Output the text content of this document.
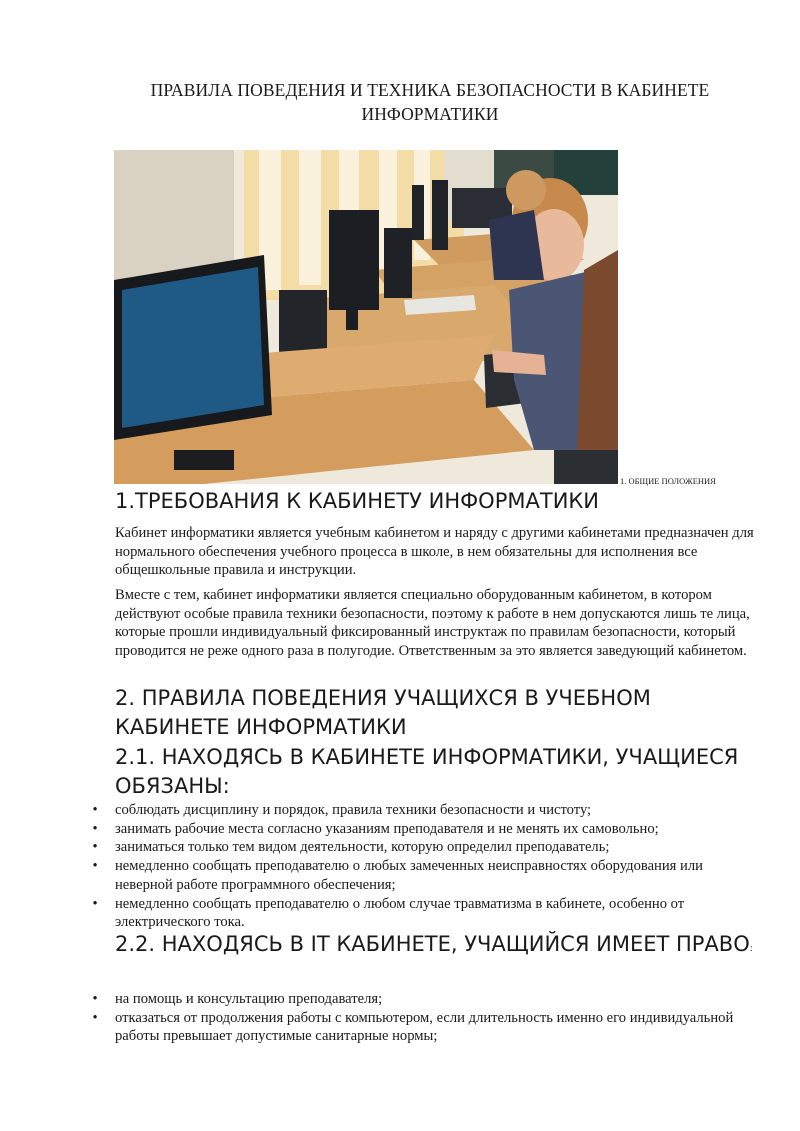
ПРАВИЛА ПОВЕДЕНИЯ И ТЕХНИКА БЕЗОПАСНОСТИ В КАБИНЕТЕ ИНФОРМАТИКИ
1. ОБЩИЕ ПОЛОЖЕНИЯ
1.ТРЕБОВАНИЯ К КАБИНЕТУ ИНФОРМАТИКИ

Кабинет информатики является учебным кабинетом и наряду с другими кабинетами предназначен для нормального обеспечения учебного процесса в школе, в нем обязательны для исполнения все общешкольные правила и инструкции.

Вместе с тем, кабинет информатики является специально оборудованным кабинетом, в котором действуют особые правила техники безопасности, поэтому к работе в нем допускаются лишь те лица, которые прошли индивидуальный фиксированный инструктаж по правилам безопасности, который проводится не реже одного раза в полугодие. Ответственным за это является заведующий кабинетом.

2. ПРАВИЛА ПОВЕДЕНИЯ УЧАЩИХСЯ В УЧЕБНОМ КАБИНЕТЕ ИНФОРМАТИКИ
2.1. НАХОДЯСЬ В КАБИНЕТЕ ИНФОРМАТИКИ, УЧАЩИЕСЯ ОБЯЗАНЫ:
• соблюдать дисциплину и порядок, правила техники безопасности и чистоту;
• занимать рабочие места согласно указаниям преподавателя и не менять их самовольно;
• заниматься только тем видом деятельности, которую определил преподаватель;
• немедленно сообщать преподавателю о любых замеченных неисправностях оборудования или неверной работе программного обеспечения;
• немедленно сообщать преподавателю о любом случае травматизма в кабинете, особенно от электрического тока.
2.2. НАХОДЯСЬ В IT КАБИНЕТЕ, УЧАЩИЙСЯ ИМЕЕТ ПРАВО:
• на помощь и консультацию преподавателя;
• отказаться от продолжения работы с компьютером, если длительность именно его индивидуальной работы превышает допустимые санитарные нормы;
